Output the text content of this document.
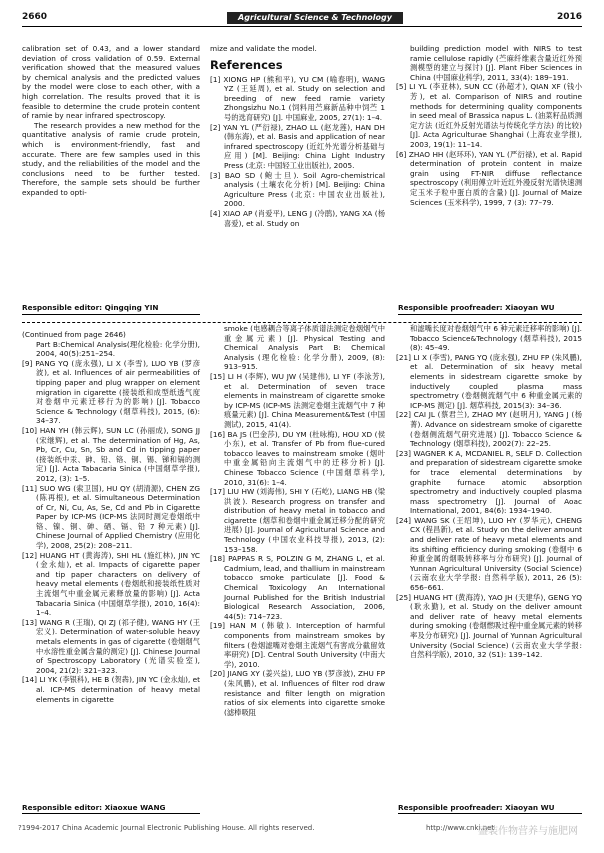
2660	Agricultural Science & Technology	2016

calibration set of 0.43, and a lower standard deviation of cross validation of 0.59. External verification showed that the measured values by chemical analysis and the predicted values by the model were close to each other, with a high correlation. The results proved that it is feasible to determine the crude protein content of ramie by near infrared spectroscopy.

The research provides a new method for the quantitative analysis of ramie crude protein, which is environment-friendly, fast and accurate. There are few samples used in this study, and the reliabilities of the model and the conclusions need to be further tested. Therefore, the sample sets should be further expanded to opti-

mize and validate the model.

References

[1] XIONG HP (熊和平), YU CM (喻春明), WANG YZ (王延周), et al. Study on selection and breeding of new feed ramie variety Zhongsizhu No.1 (饲料用苎麻新品种中饲苎 1 号的选育研究) [J]. 中国麻业, 2005, 27(1): 1–4.

[2] YAN YL (严衍禄), ZHAO LL (赵龙莲), HAN DH (韩东海), et al. Basis and application of near infrared spectroscopy (近红外光谱分析基础与应用) [M]. Beijing: China Light Industry Press (北京: 中国轻工业出版社), 2005.

[3] BAO SD (鲍士旦). Soil Agro-chemistrical analysis (土壤农化分析) [M]. Beijing: China Agriculture Press (北京: 中国农业出版社), 2000.

[4] XIAO AP (肖爱平), LENG J (冷鹃), YANG XA (杨喜爱), et al. Study on

building prediction model with NIRS to test ramie cellulose rapidly (苎麻纤维素含量近红外预测模型的建立与探讨) [J]. Plant Fiber Sciences in China (中国麻业科学), 2011, 33(4): 189–191.

[5] LI YL (李亚林), SUN CC (孙超才), QIAN XF (钱小芳), et al. Comparison of NIRS and routine methods for determining quality components in seed meal of Brassica napus L. (油菜籽品质测定方法 (近红外反射光谱法与传统化学方法) 的比较) [J]. Acta Agriculturae Shanghai (上海农业学报), 2003, 19(1): 11–14.

[6] ZHAO HH (赵环环), YAN YL (严衍禄), et al. Rapid determination of protein content in maize grain using FT-NIR diffuse reflectance spectroscopy (利用傅立叶近红外漫反射光谱快速测定玉米子粒中蛋白质的含量) [J]. Journal of Maize Sciences (玉米科学), 1999, 7 (3): 77–79.

Responsible editor: Qingqing YIN	Responsible proofreader: Xiaoyan WU

(Continued from page 2646)

Part B:Chemical Analysis(理化检验: 化学分册), 2004, 40(5):251–254.

[9] PANG YQ (庞永强), LI X (李雪), LUO YB (罗彦波), et al. Influences of air permeabilities of tipping paper and plug wrapper on element migration in cigarette (接装纸和成型纸透气度对卷烟中元素迁移行为的影响) [J]. Tobacco Science & Technology (烟草科技), 2015, (6): 34–37.

[10] HAN YH (韩云辉), SUN LC (孙丽成), SONG JJ (宋继辉), et al. The determination of Hg, As, Pb, Cr, Cu, Sn, Sb and Cd in tipping paper (接装纸中汞、砷、铅、铬、铜、锡、锑和镉的测定) [J]. Acta Tabacaria Sinica (中国烟草学报), 2012, (3): 1–5.

[11] SUO WG (索卫国), HU QY (胡清源), CHEN ZG (陈再根), et al. Simultaneous Determination of Cr, Ni, Cu, As, Se, Cd and Pb in Cigarette Paper by ICP-MS (ICP-MS 法同时测定卷烟纸中铬、镍、铜、砷、硒、镉、铅 7 种元素) [J]. Chinese Journal of Applied Chemistry (应用化学), 2008, 25(2): 208–211.

[12] HUANG HT (黄海涛), SHI HL (施红林), JIN YC (金永灿), et al. Impacts of cigarette paper and tip paper characters on delivery of heavy metal elements (卷烟纸和接装纸性质对主流烟气中重金属元素释放量的影响) [J]. Acta Tabacaria Sinica (中国烟草学报), 2010, 16(4): 1–4.

[13] WANG R (王瑞), QI ZJ (祁子健), WANG HY (王宏义). Determination of water-soluble heavy metals elements in gas of cigarette (卷烟烟气中水溶性重金属含量的测定) [J]. Chinese Journal of Spectroscopy Laboratory (光谱实验室), 2004, 21(2): 321–323.

[14] LI YK (李银科), HE B (贺犇), JIN YC (金永灿), et al. ICP-MS determination of heavy metal elements in cigarette

smoke (电感耦合等离子体质谱法测定卷烟烟气中重金属元素) [J]. Physical Testing and Chemical Analysis Part B: Chemical Analysis (理化检验: 化学分册), 2009, (8): 913–915.

[15] LI H (李辉), WU JW (吴建伟), LI YF (李泳芳), et al. Determination of seven trace elements in mainstream of cigarette smoke by ICP-MS (ICP-MS 法测定卷烟主流烟气中 7 种痕量元素) [J]. China Measurement&Test (中国测试), 2015, 41(4).

[16] BA JS (巴金莎), DU YM (杜咏梅), HOU XD (侯小东), et al. Transfer of Pb from flue-cured tobacco leaves to mainstream smoke (烟叶中重金属铅向主流烟气中的迁移分析) [J]. Chinese Tobacco Science (中国烟草科学), 2010, 31(6): 1–4.

[17] LIU HW (刘海伟), SHI Y (石屹), LIANG HB (梁洪波). Research progress on transfer and distribution of heavy metal in tobacco and cigarette (烟草和卷烟中重金属迁移分配的研究进展) [J]. Journal of Agricultural Science and Technology (中国农业科技导报), 2013, (2): 153–158.

[18] PAPPAS R S, POLZIN G M, ZHANG L, et al. Cadmium, lead, and thallium in mainstream tobacco smoke particulate [J]. Food & Chemical Toxicology An International Journal Published for the British Industrial Biological Research Association, 2006, 44(5): 714–723.

[19] HAN M (韩敏). Interception of harmful components from mainstream smokes by filters (卷烟滤嘴对卷烟主流烟气有害成分截留效率研究) [D]. Central South University (中南大学), 2010.

[20] JIANG XY (姜兴益), LUO YB (罗彦波), ZHU FP (朱风鹏), et al. Influences of filter rod draw resistance and filter length on migration ratios of six elements into cigarette smoke (滤棒吸阻

和滤嘴长度对卷烟烟气中 6 种元素迁移率的影响) [J]. Tobacco Science&Technology (烟草科技), 2015 (8): 45–49.

[21] LI X (李雪), PANG YQ (庞永强), ZHU FP (朱风鹏), et al. Determination of six heavy metal elements in sidestream cigarette smoke by inductively coupled plasma mass spectrometry (卷烟侧流烟气中 6 种重金属元素的 ICP-MS 测定) [J]. 烟草科技, 2015(3): 34–36.

[22] CAI JL (蔡君兰), ZHAO MY (赵明月), YANG J (杨菁). Advance on sidestream smoke of cigarette (卷烟侧流烟气研究进展) [J]. Tobacco Science & Technology (烟草科技), 2002(7): 22–25.

[23] WAGNER K A, MCDANIEL R, SELF D. Collection and preparation of sidestream cigarette smoke for trace elemental determinations by graphite furnace atomic absorption spectrometry and inductively coupled plasma mass spectrometry [J]. Journal of Aoac International, 2001, 84(6): 1934–1940.

[24] WANG SK (王绍坤), LUO HY (罗华元), CHENG CX (程昌新), et al. Study on the deliver amount and deliver rate of heavy metal elements and its shifting efficiency during smoking (卷烟中 6 种重金属的烟吸转移率与分布研究) [J]. Journal of Yunnan Agricultural University (Social Science) (云南农业大学学报: 自然科学版), 2011, 26 (5): 656–661.

[25] HUANG HT (黄海涛), YAO JH (天建华), GENG YQ (耿永勤), et al. Study on the deliver amount and deliver rate of heavy metal elements during smoking (卷烟燃吸过程中重金属元素的转移率及分布研究) [J]. Journal of Yunnan Agricultural University (Social Science) (云南农业大学学报: 自然科学版), 2010, 32 (S1): 139–142.

Responsible editor: Xiaoxue WANG	Responsible proofreader: Xiaoyan WU
?1994-2017 China Academic Journal Electronic Publishing House. All rights reserved.	http://www.cnki.net
盛装作物营养与施肥网
